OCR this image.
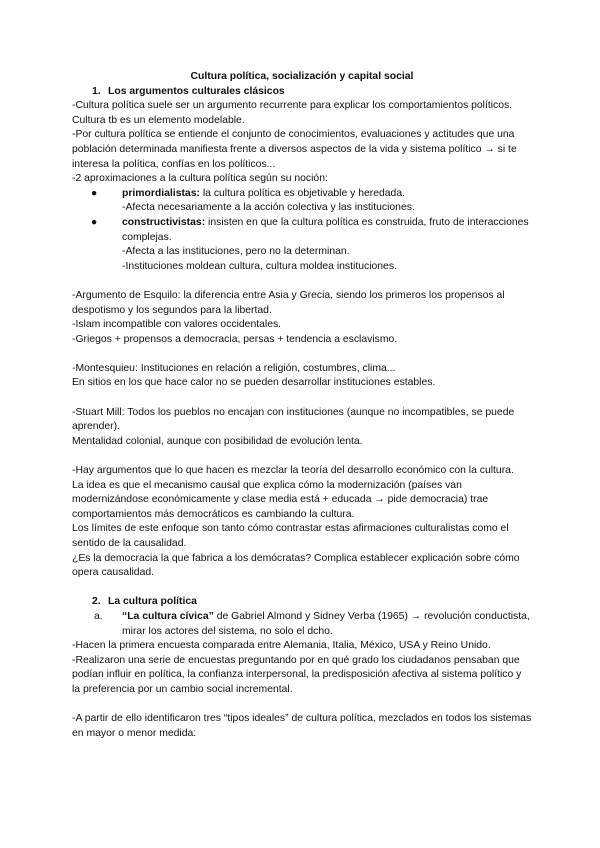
Cultura política, socialización y capital social

1. Los argumentos culturales clásicos

-Cultura política suele ser un argumento recurrente para explicar los comportamientos políticos.

Cultura tb es un elemento modelable.

-Por cultura política se entiende el conjunto de conocimientos, evaluaciones y actitudes que una población determinada manifiesta frente a diversos aspectos de la vida y sistema político → si te interesa la política, confías en los políticos...

-2 aproximaciones a la cultura política según su noción:

● primordialistas: la cultura política es objetivable y heredada.

-Afecta necesariamente a la acción colectiva y las instituciones.

● constructivistas: insisten en que la cultura política es construida, fruto de interacciones complejas.

-Afecta a las instituciones, pero no la determinan.

-Instituciones moldean cultura, cultura moldea instituciones.

-Argumento de Esquilo: la diferencia entre Asia y Grecia, siendo los primeros los propensos al despotismo y los segundos para la libertad.

-Islam incompatible con valores occidentales.

-Griegos + propensos a democracia, persas + tendencia a esclavismo.

-Montesquieu: Instituciones en relación a religión, costumbres, clima...

En sitios en los que hace calor no se pueden desarrollar instituciones estables.

-Stuart Mill: Todos los pueblos no encajan con instituciones (aunque no incompatibles, se puede aprender).

Mentalidad colonial, aunque con posibilidad de evolución lenta.

-Hay argumentos que lo que hacen es mezclar la teoría del desarrollo económico con la cultura.

La idea es que el mecanismo causal que explica cómo la modernización (países van modernizándose económicamente y clase media está + educada → pide democracia) trae comportamientos más democráticos es cambiando la cultura.

Los límites de este enfoque son tanto cómo contrastar estas afirmaciones culturalistas como el sentido de la causalidad.

¿Es la democracia la que fabrica a los demócratas? Complica establecer explicación sobre cómo opera causalidad.

2. La cultura política

a. “La cultura cívica” de Gabriel Almond y Sidney Verba (1965) → revolución conductista, mirar los actores del sistema, no solo el dcho.

-Hacen la primera encuesta comparada entre Alemania, Italia, México, USA y Reino Unido.

-Realizaron una serie de encuestas preguntando por en qué grado los ciudadanos pensaban que podían influir en política, la confianza interpersonal, la predisposición afectiva al sistema político y la preferencia por un cambio social incremental.

-A partir de ello identificaron tres “tipos ideales” de cultura política, mezclados en todos los sistemas en mayor o menor medida:
